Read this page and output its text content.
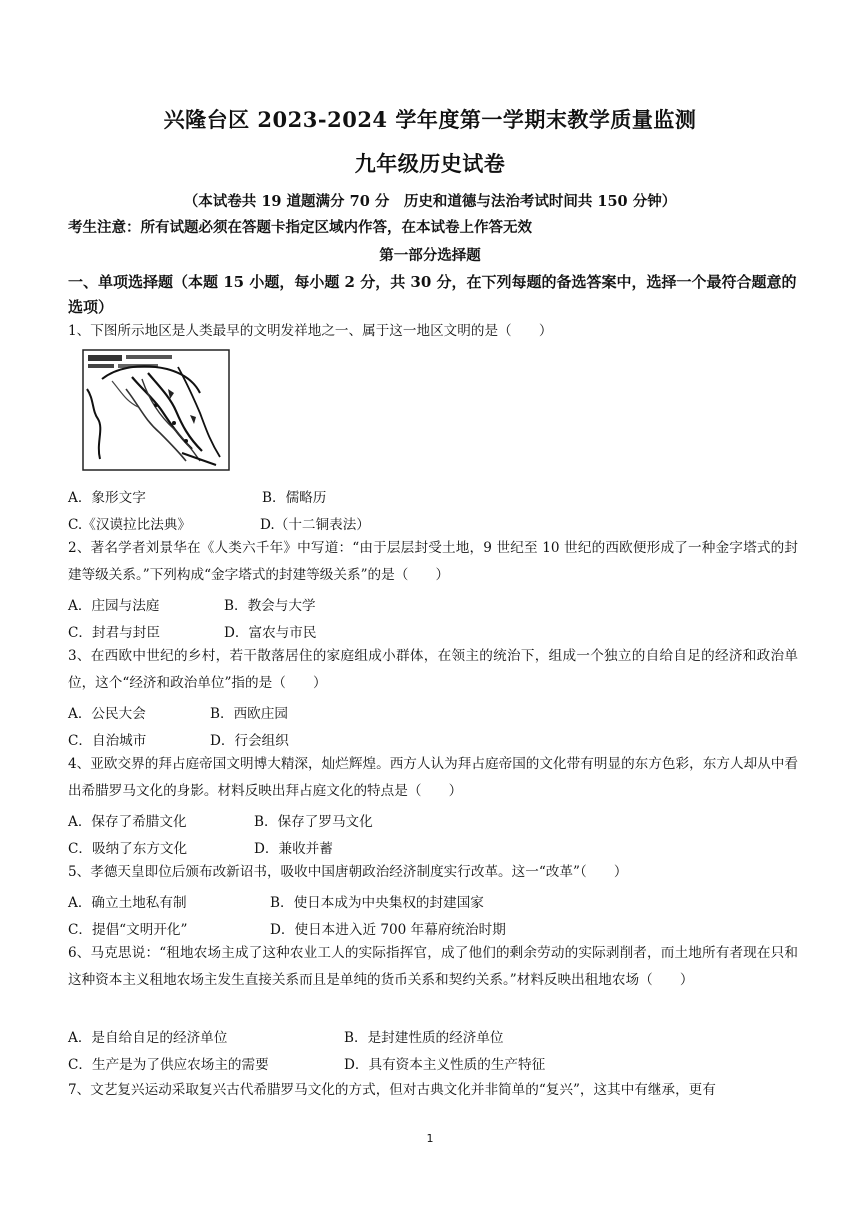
兴隆台区 2023-2024 学年度第一学期末教学质量监测
九年级历史试卷
（本试卷共 19 道题满分 70 分　历史和道德与法治考试时间共 150 分钟）
考生注意：所有试题必须在答题卡指定区域内作答，在本试卷上作答无效
第一部分选择题
一、单项选择题（本题 15 小题，每小题 2 分，共 30 分，在下列每题的备选答案中，选择一个最符合题意的选项）
1、下图所示地区是人类最早的文明发祥地之一、属于这一地区文明的是（　　）
A．象形文字	B．儒略历
C.《汉谟拉比法典》	D.（十二铜表法）
2、著名学者刘景华在《人类六千年》中写道：“由于层层封受土地，9 世纪至 10 世纪的西欧便形成了一种金字塔式的封建等级关系。”下列构成“金字塔式的封建等级关系”的是（　　）
A．庄园与法庭	B．教会与大学
C．封君与封臣	D．富农与市民
3、在西欧中世纪的乡村，若干散落居住的家庭组成小群体，在领主的统治下，组成一个独立的自给自足的经济和政治单位，这个“经济和政治单位”指的是（　　）
A．公民大会	B．西欧庄园
C．自治城市	D．行会组织
4、亚欧交界的拜占庭帝国文明博大精深，灿烂辉煌。西方人认为拜占庭帝国的文化带有明显的东方色彩，东方人却从中看出希腊罗马文化的身影。材料反映出拜占庭文化的特点是（　　）
A．保存了希腊文化	B．保存了罗马文化
C．吸纳了东方文化	D．兼收并蓄
5、孝德天皇即位后颁布改新诏书，吸收中国唐朝政治经济制度实行改革。这一“改革”（　　）
A．确立土地私有制	B．使日本成为中央集权的封建国家
C．提倡“文明开化”	D．使日本进入近 700 年幕府统治时期
6、马克思说：“租地农场主成了这种农业工人的实际指挥官，成了他们的剩余劳动的实际剥削者，而土地所有者现在只和这种资本主义租地农场主发生直接关系而且是单纯的货币关系和契约关系。”材料反映出租地农场（　　）
A．是自给自足的经济单位	B．是封建性质的经济单位
C．生产是为了供应农场主的需要	D．具有资本主义性质的生产特征
7、文艺复兴运动采取复兴古代希腊罗马文化的方式，但对古典文化并非简单的“复兴”，这其中有继承，更有
1
